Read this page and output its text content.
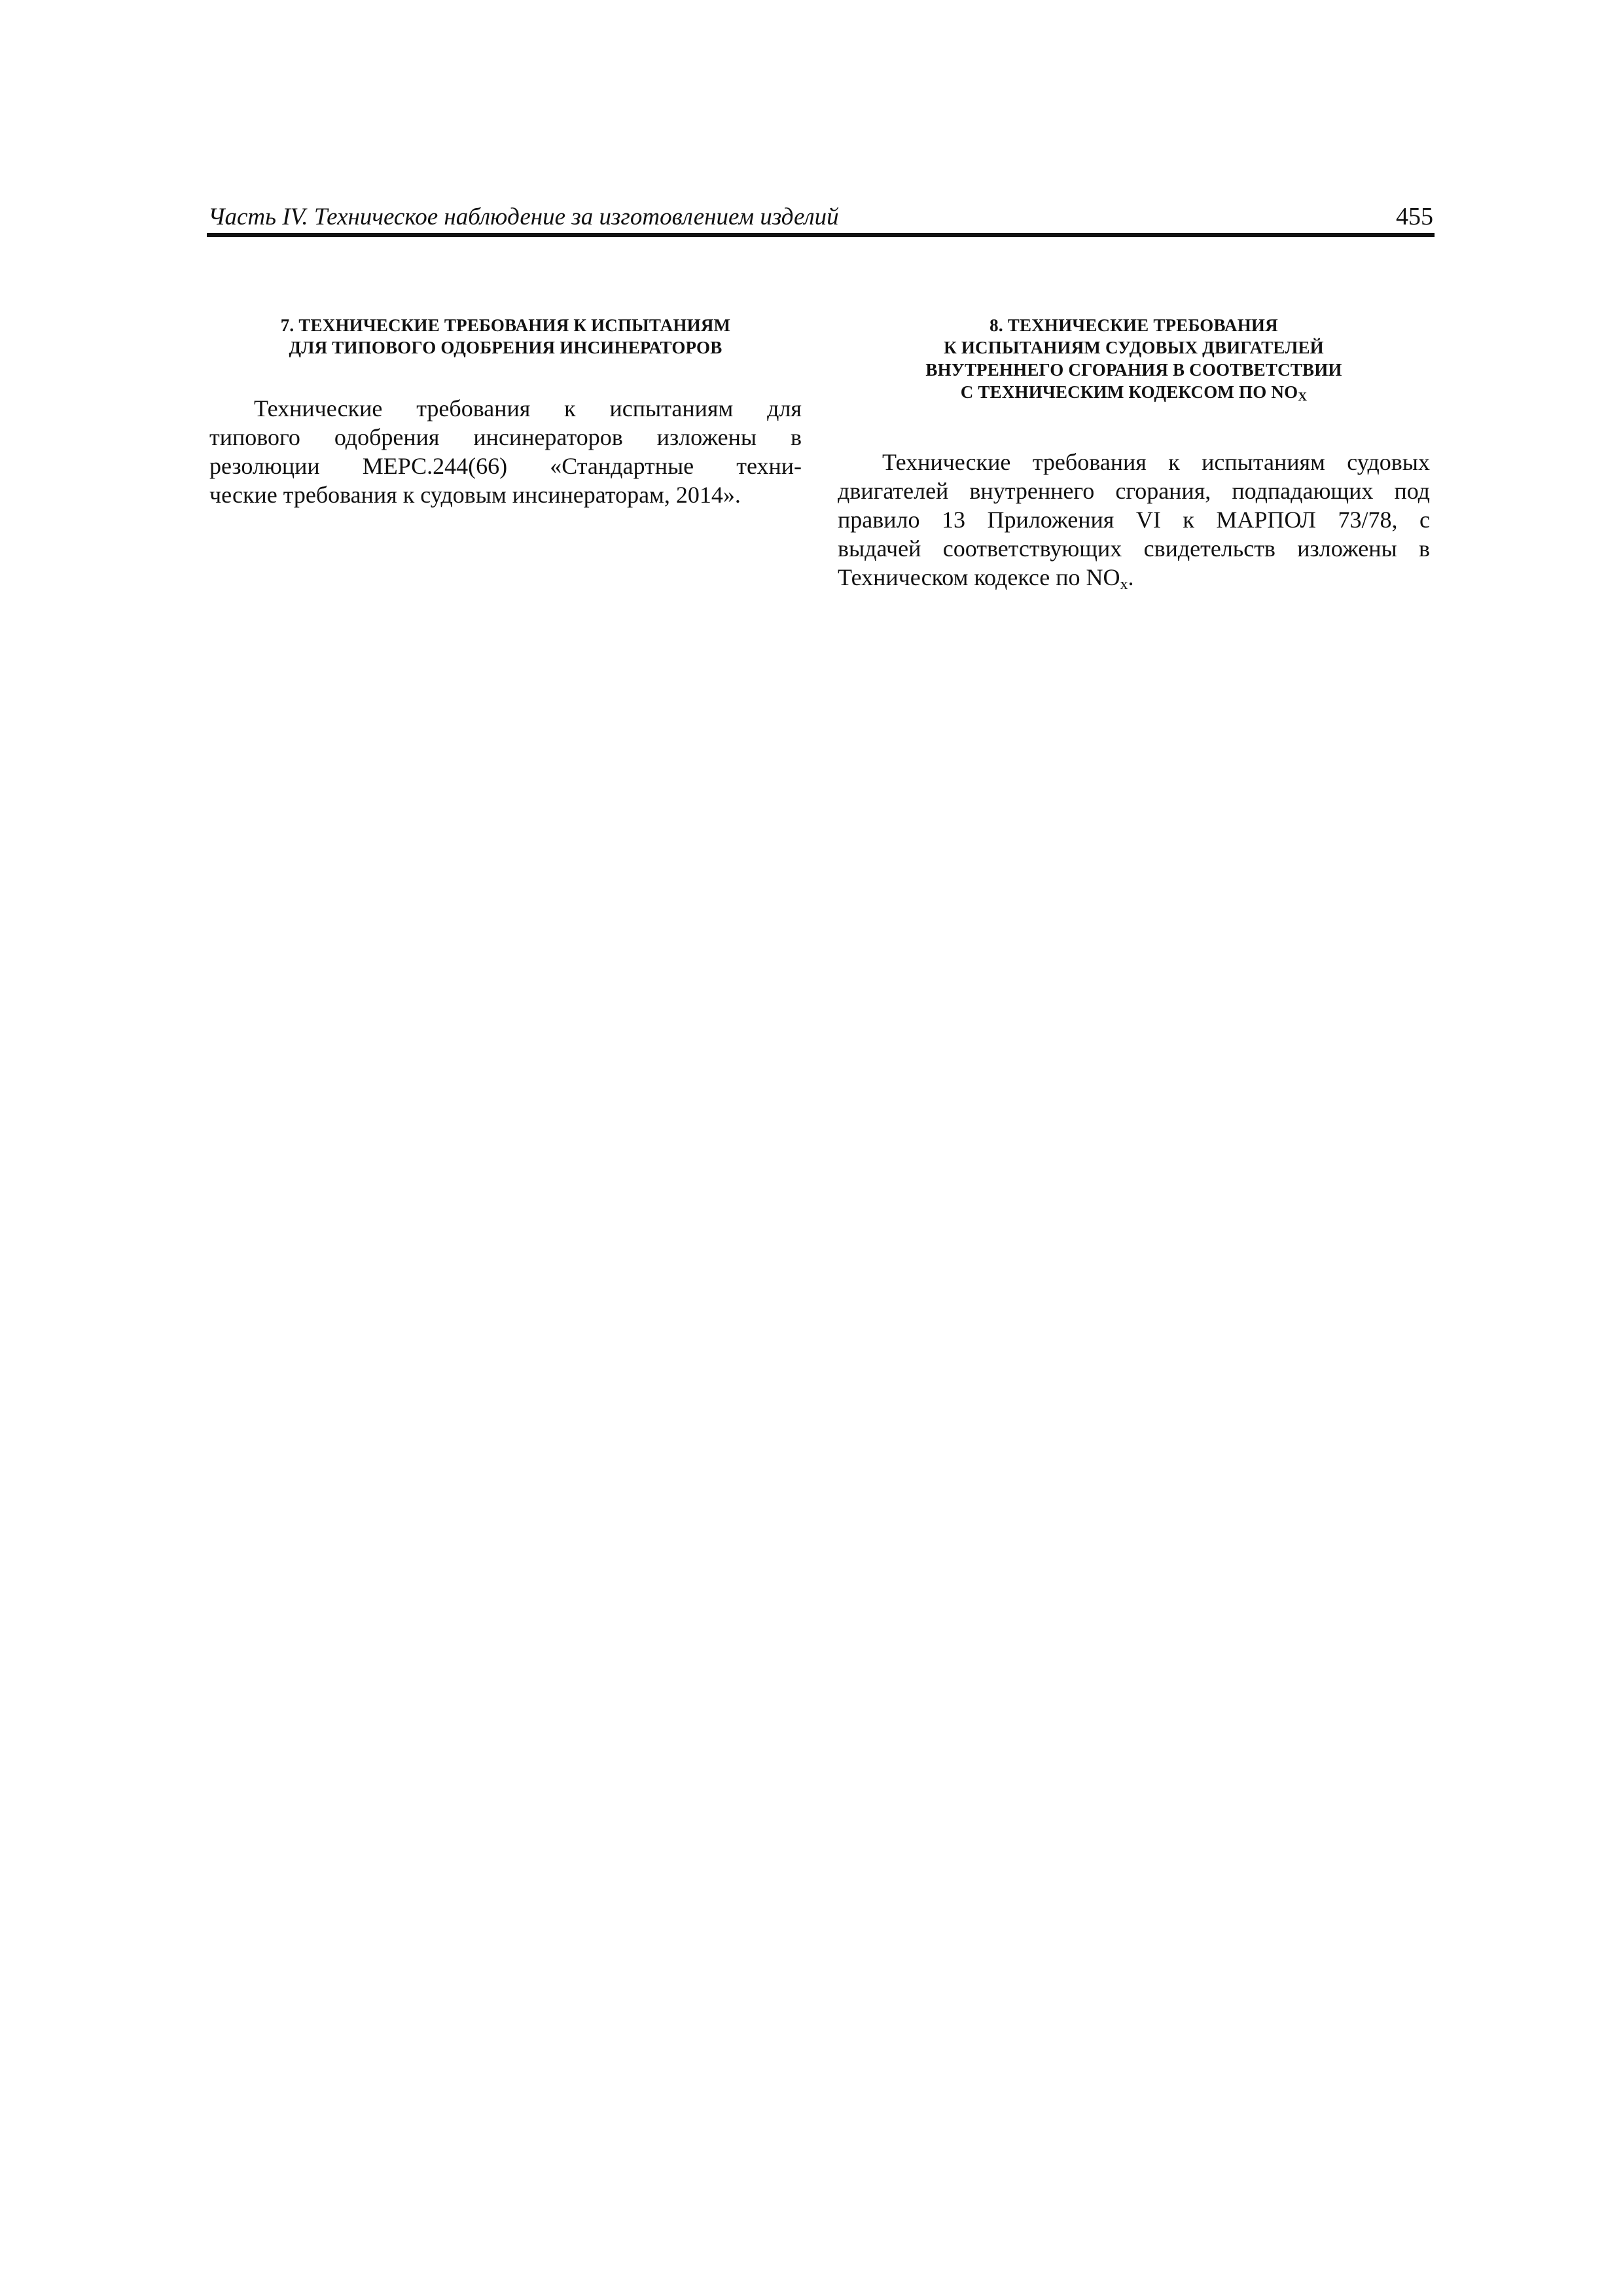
Часть IV. Техническое наблюдение за изготовлением изделий	455
7. ТЕХНИЧЕСКИЕ ТРЕБОВАНИЯ К ИСПЫТАНИЯМ
ДЛЯ ТИПОВОГО ОДОБРЕНИЯ ИНСИНЕРАТОРОВ

Технические требования к испытаниям для
типового одобрения инсинераторов изложены в
резолюции МЕРС.244(66) «Стандартные техни-
ческие требования к судовым инсинераторам, 2014».

8. ТЕХНИЧЕСКИЕ ТРЕБОВАНИЯ
К ИСПЫТАНИЯМ СУДОВЫХ ДВИГАТЕЛЕЙ
ВНУТРЕННЕГО СГОРАНИЯ В СООТВЕТСТВИИ
С ТЕХНИЧЕСКИМ КОДЕКСОМ ПО $NO_X$

Технические требования к испытаниям судовых
двигателей внутреннего сгорания, подпадающих под
правило 13 Приложения VI к МАРПОЛ 73/78, с
выдачей соответствующих свидетельств изложены в
Техническом кодексе по $NO_x$.
